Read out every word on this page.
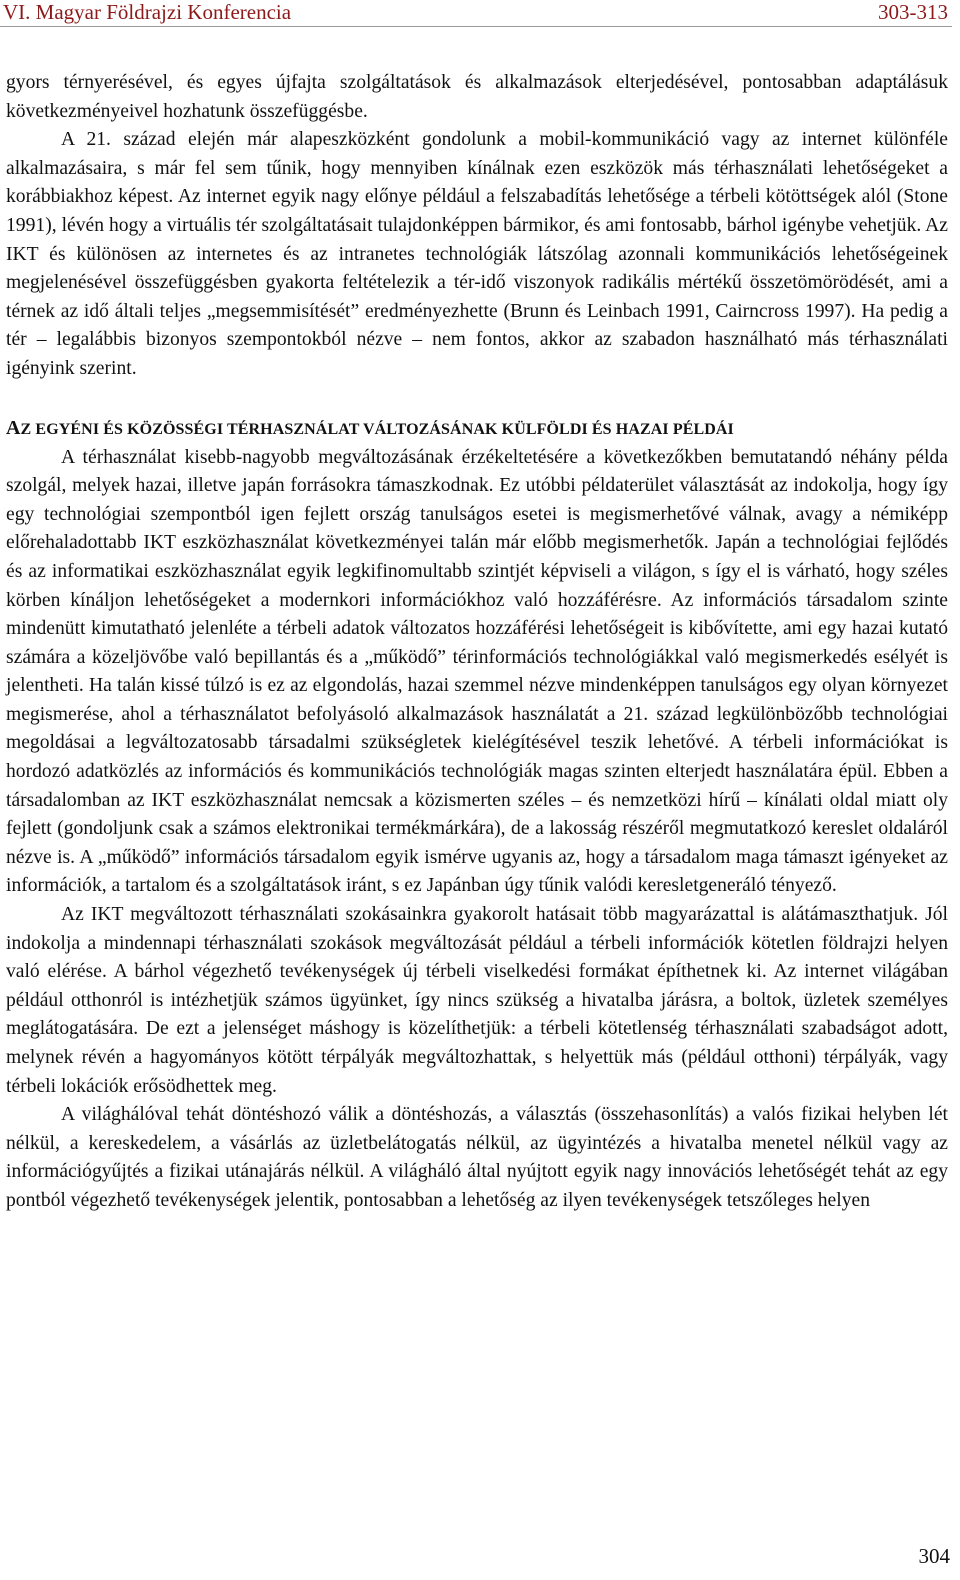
VI. Magyar Földrajzi Konferencia	303-313

gyors térnyerésével, és egyes újfajta szolgáltatások és alkalmazások elterjedésével, pontosabban adaptálásuk következményeivel hozhatunk összefüggésbe.

A 21. század elején már alapeszközként gondolunk a mobil-kommunikáció vagy az internet különféle alkalmazásaira, s már fel sem tűnik, hogy mennyiben kínálnak ezen eszközök más térhasználati lehetőségeket a korábbiakhoz képest. Az internet egyik nagy előnye például a felszabadítás lehetősége a térbeli kötöttségek alól (Stone 1991), lévén hogy a virtuális tér szolgáltatásait tulajdonképpen bármikor, és ami fontosabb, bárhol igénybe vehetjük. Az IKT és különösen az internetes és az intranetes technológiák látszólag azonnali kommunikációs lehetőségeinek megjelenésével összefüggésben gyakorta feltételezik a tér-idő viszonyok radikális mértékű összetömörödését, ami a térnek az idő általi teljes „megsemmisítését” eredményezhette (Brunn és Leinbach 1991, Cairncross 1997). Ha pedig a tér – legalábbis bizonyos szempontokból nézve – nem fontos, akkor az szabadon használható más térhasználati igényink szerint.

AZ EGYÉNI ÉS KÖZÖSSÉGI TÉRHASZNÁLAT VÁLTOZÁSÁNAK KÜLFÖLDI ÉS HAZAI PÉLDÁI

A térhasználat kisebb-nagyobb megváltozásának érzékeltetésére a következőkben bemutatandó néhány példa szolgál, melyek hazai, illetve japán forrásokra támaszkodnak. Ez utóbbi példaterület választását az indokolja, hogy így egy technológiai szempontból igen fejlett ország tanulságos esetei is megismerhetővé válnak, avagy a némiképp előrehaladottabb IKT eszközhasználat következményei talán már előbb megismerhetők. Japán a technológiai fejlődés és az informatikai eszközhasználat egyik legkifinomultabb szintjét képviseli a világon, s így el is várható, hogy széles körben kínáljon lehetőségeket a modernkori információkhoz való hozzáférésre. Az információs társadalom szinte mindenütt kimutatható jelenléte a térbeli adatok változatos hozzáférési lehetőségeit is kibővítette, ami egy hazai kutató számára a közeljövőbe való bepillantás és a „működő” térinformációs technológiákkal való megismerkedés esélyét is jelentheti. Ha talán kissé túlzó is ez az elgondolás, hazai szemmel nézve mindenképpen tanulságos egy olyan környezet megismerése, ahol a térhasználatot befolyásoló alkalmazások használatát a 21. század legkülönbözőbb technológiai megoldásai a legváltozatosabb társadalmi szükségletek kielégítésével teszik lehetővé. A térbeli információkat is hordozó adatközlés az információs és kommunikációs technológiák magas szinten elterjedt használatára épül. Ebben a társadalomban az IKT eszközhasználat nemcsak a közismerten széles – és nemzetközi hírű – kínálati oldal miatt oly fejlett (gondoljunk csak a számos elektronikai termékmárkára), de a lakosság részéről megmutatkozó kereslet oldaláról nézve is. A „működő” információs társadalom egyik ismérve ugyanis az, hogy a társadalom maga támaszt igényeket az információk, a tartalom és a szolgáltatások iránt, s ez Japánban úgy tűnik valódi keresletgeneráló tényező.

Az IKT megváltozott térhasználati szokásainkra gyakorolt hatásait több magyarázattal is alátámaszthatjuk. Jól indokolja a mindennapi térhasználati szokások megváltozását például a térbeli információk kötetlen földrajzi helyen való elérése. A bárhol végezhető tevékenységek új térbeli viselkedési formákat építhetnek ki. Az internet világában például otthonról is intézhetjük számos ügyünket, így nincs szükség a hivatalba járásra, a boltok, üzletek személyes meglátogatására. De ezt a jelenséget máshogy is közelíthetjük: a térbeli kötetlenség térhasználati szabadságot adott, melynek révén a hagyományos kötött térpályák megváltozhattak, s helyettük más (például otthoni) térpályák, vagy térbeli lokációk erősödhettek meg.

A világhálóval tehát döntéshozó válik a döntéshozás, a választás (összehasonlítás) a valós fizikai helyben lét nélkül, a kereskedelem, a vásárlás az üzletbelátogatás nélkül, az ügyintézés a hivatalba menetel nélkül vagy az információgyűjtés a fizikai utánajárás nélkül. A világháló által nyújtott egyik nagy innovációs lehetőségét tehát az egy pontból végezhető tevékenységek jelentik, pontosabban a lehetőség az ilyen tevékenységek tetszőleges helyen

304
